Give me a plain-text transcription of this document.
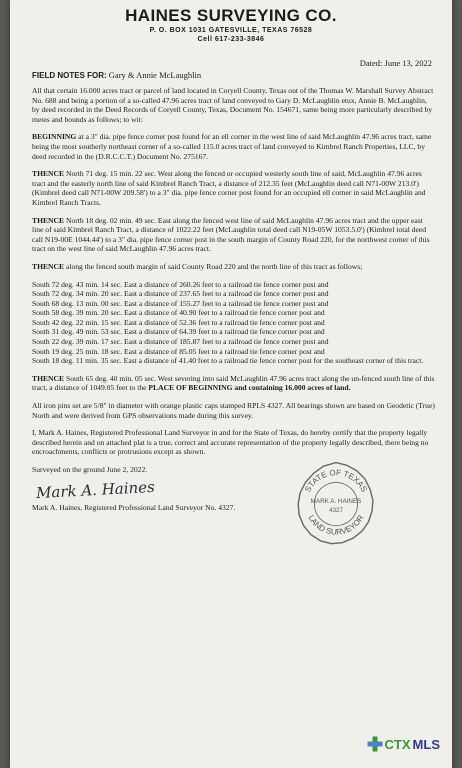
HAINES SURVEYING CO.
P. O. BOX 1031 GATESVILLE, TEXAS 76528
Cell 617-233-3846
Dated: June 13, 2022
FIELD NOTES FOR: Gary & Annie McLaughlin

All that certain 16.000 acres tract or parcel of land located in Coryell County, Texas out of the Thomas W. Marshall Survey Abstract No. 688 and being a portion of a so-called 47.96 acres tract of land conveyed to Gary D. McLaughlin etux, Annie B. McLaughlin, by deed recorded in the Deed Records of Coryell County, Texas, Document No. 154671, same being more particularly described by metes and bounds as follows; to wit:

BEGINNING at a 3" dia. pipe fence corner post found for an ell corner in the west line of said McLaughlin 47.96 acres tract, same being the most southerly northeast corner of a so-called 115.0 acres tract of land conveyed to Kimbrel Ranch Properties, LLC, by deed recorded in the (D.R.C.C.T.) Document No. 275167.

THENCE North 71 deg. 15 min. 22 sec. West along the fenced or occupied westerly south line of said, McLaughlin 47.96 acres tract and the easterly north line of said Kimbrel Ranch Tract, a distance of 212.35 feet (McLaughlin deed call N71-00W 213.0') (Kimbrel deed call N71-00W 209.58') to a 3" dia. pipe fence corner post found for an occupied ell corner in said McLaughlin and Kimbrel Ranch Tracts.

THENCE North 18 deg. 02 min. 49 sec. East along the fenced west line of said McLaughlin 47.96 acres tract and the upper east line of said Kimbrel Ranch Tract, a distance of 1022.22 feet (McLaughlin total deed call N19-05W 1053.5.0') (Kimbrel total deed call N19-00E 1044.44') to a 3" dia. pipe fence corner post in the south margin of County Road 220, for the northwest corner of this tract on the west line of said McLaughlin 47.96 acres tract.

THENCE along the fenced south margin of said County Road 220 and the north line of this tract as follows;

South 72 deg. 43 min. 14 sec. East a distance of 260.26 feet to a railroad tie fence corner post and
South 72 deg. 34 min. 20 sec. East a distance of 237.65 feet to a railroad tie fence corner post and
South 68 deg. 13 min. 00 sec. East a distance of 155.27 feet to a railroad tie fence corner post and
South 58 deg. 39 min. 20 sec. East a distance of 40.90 feet to a railroad tie fence corner post and
South 42 deg. 22 min. 15 sec. East a distance of 52.36 feet to a railroad tie fence corner post and
South 31 deg. 49 min. 53 sec. East a distance of 64.39 feet to a railroad tie fence corner post and
South 22 deg. 39 min. 17 sec. East a distance of 185.87 feet to a railroad tie fence corner post and
South 19 deg. 25 min. 18 sec. East a distance of 85.05 feet to a railroad tie fence corner post and
South 18 deg. 11 min. 35 sec. East a distance of 41.40 feet to a railroad tie fence corner post for the southeast corner of this tract.

THENCE South 65 deg. 40 min. 05 sec. West severing into said McLaughlin 47.96 acres tract along the un-fenced south line of this tract, a distance of 1049.05 feet to the PLACE OF BEGINNING and containing 16.000 acres of land.

All iron pins set are 5/8" in diameter with orange plastic caps stamped RPLS 4327. All bearings shown are based on Geodetic (True) North and were derived from GPS observations made during this survey.

I, Mark A. Haines, Registered Professional Land Surveyor in and for the State of Texas, do hereby certify that the property legally described herein and on attached plat is a true, correct and accurate representation of the property legally described, there being no encroachments, conflicts or protrusions except as shown.

Surveyed on the ground June 2, 2022.

Mark A. Haines
Mark A. Haines, Registered Professional Land Surveyor No. 4327.
STATE OF TEXAS
LAND SURVEYOR
MARK A. HAINES
4327
CTX MLS
